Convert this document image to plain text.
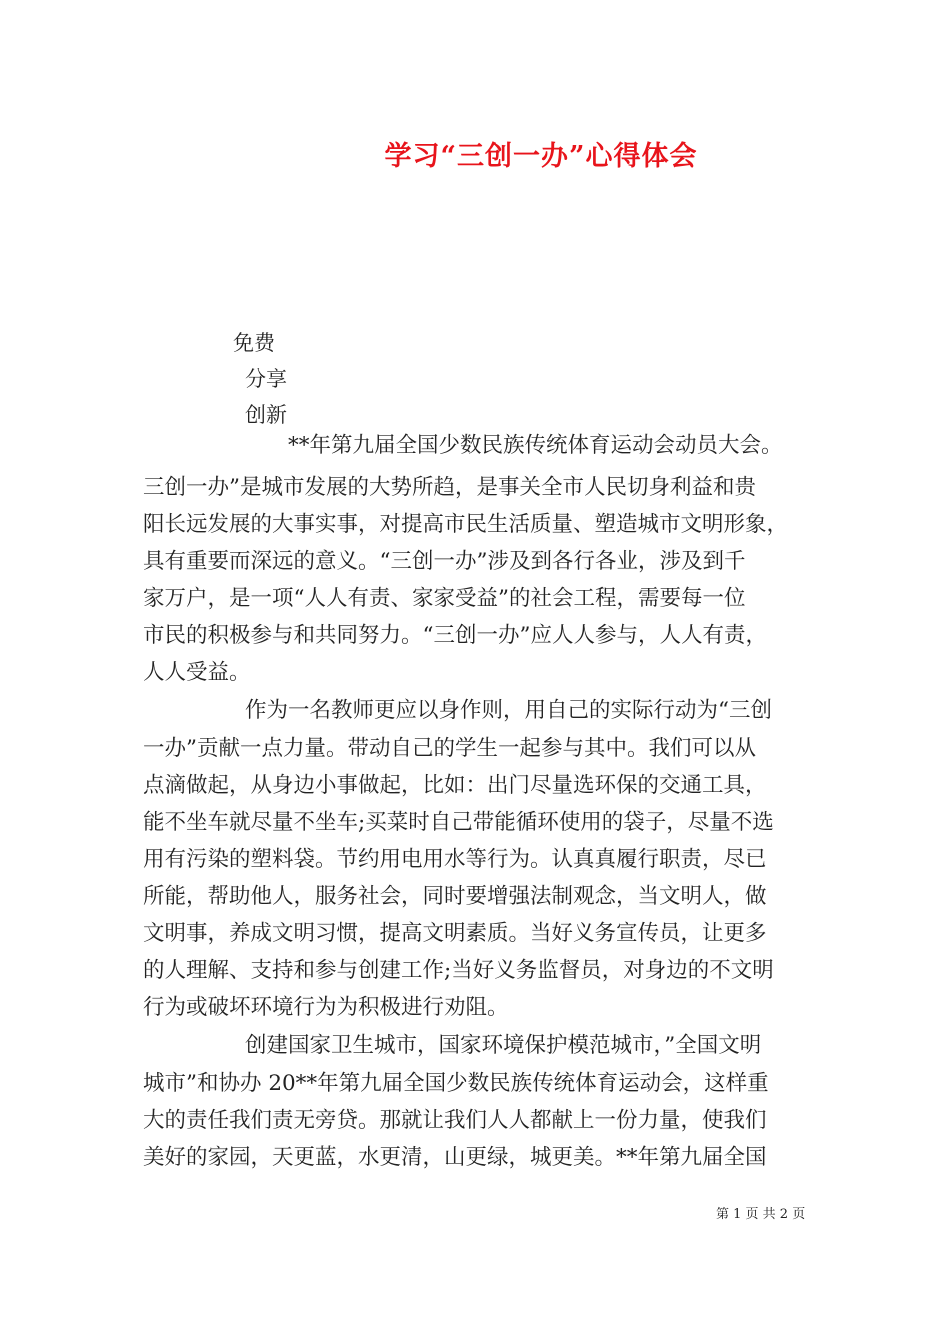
学习“三创一办”心得体会
免费
分享
创新
**年第九届全国少数民族传统体育运动会动员大会。
三创一办”是城市发展的大势所趋，是事关全市人民切身利益和贵
阳长远发展的大事实事，对提高市民生活质量、塑造城市文明形象，
具有重要而深远的意义。“三创一办”涉及到各行各业，涉及到千
家万户，是一项“人人有责、家家受益”的社会工程，需要每一位
市民的积极参与和共同努力。“三创一办”应人人参与，人人有责，
人人受益。
作为一名教师更应以身作则，用自己的实际行动为“三创
一办”贡献一点力量。带动自己的学生一起参与其中。我们可以从
点滴做起，从身边小事做起，比如：出门尽量选环保的交通工具，
能不坐车就尽量不坐车;买菜时自己带能循环使用的袋子，尽量不选
用有污染的塑料袋。节约用电用水等行为。认真真履行职责，尽已
所能，帮助他人，服务社会，同时要增强法制观念，当文明人，做
文明事，养成文明习惯，提高文明素质。当好义务宣传员，让更多
的人理解、支持和参与创建工作;当好义务监督员，对身边的不文明
行为或破坏环境行为为积极进行劝阻。
创建国家卫生城市，国家环境保护模范城市，”全国文明
城市”和协办 20**年第九届全国少数民族传统体育运动会，这样重
大的责任我们责无旁贷。那就让我们人人都献上一份力量，使我们
美好的家园，天更蓝，水更清，山更绿，城更美。**年第九届全国
第 1 页 共 2 页
